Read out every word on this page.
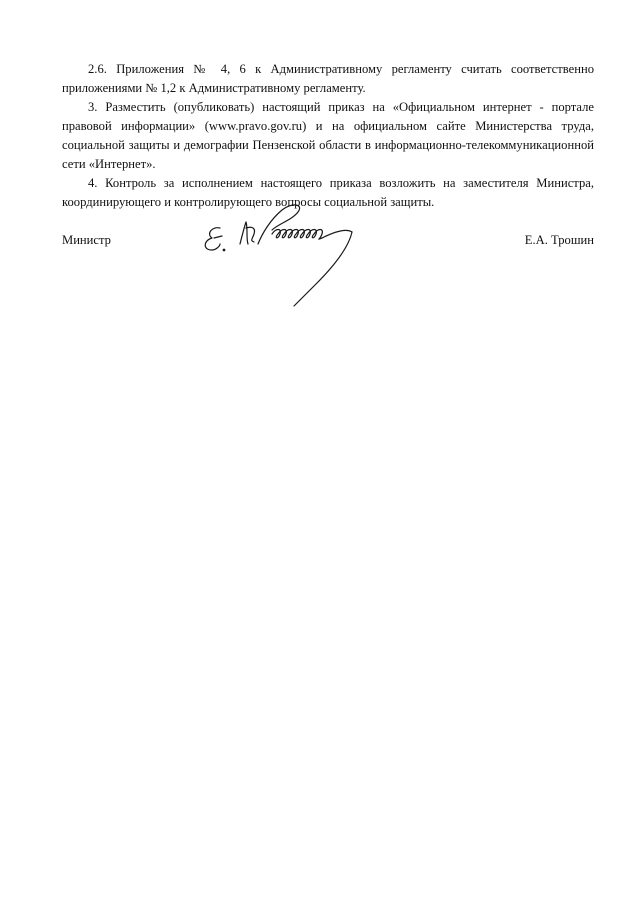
2.6. Приложения № 4, 6 к Административному регламенту считать соответственно приложениями № 1,2 к Административному регламенту.

3. Разместить (опубликовать) настоящий приказ на «Официальном интернет - портале правовой информации» (www.pravo.gov.ru) и на официальном сайте Министерства труда, социальной защиты и демографии Пензенской области в информационно-телекоммуникационной сети «Интернет».

4. Контроль за исполнением настоящего приказа возложить на заместителя Министра, координирующего и контролирующего вопросы социальной защиты.

Министр	Е.А. Трошин
